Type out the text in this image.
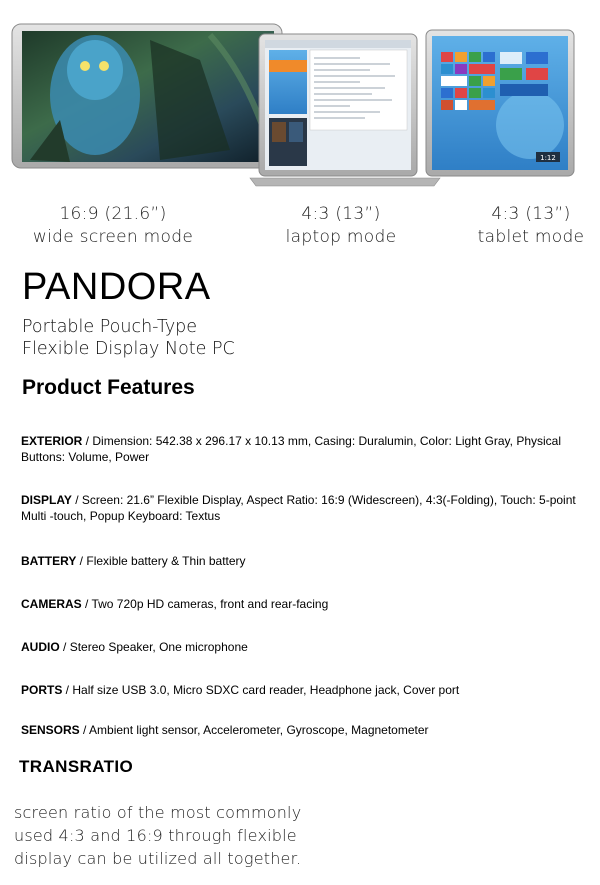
1:12
16:9 (21.6”)
wide screen mode
4:3 (13”)
laptop mode
4:3 (13”)
tablet mode
PANDORA
Portable Pouch-Type
Flexible Display Note PC
Product Features
EXTERIOR / Dimension: 542.38 x 296.17 x 10.13 mm, Casing: Duralumin, Color: Light Gray, Physical Buttons: Volume, Power
DISPLAY / Screen: 21.6” Flexible Display, Aspect Ratio: 16:9 (Widescreen), 4:3(-Folding), Touch: 5-point Multi -touch, Popup Keyboard: Textus
BATTERY / Flexible battery & Thin battery
CAMERAS / Two 720p HD cameras, front and rear-facing
AUDIO / Stereo Speaker, One microphone
PORTS / Half size USB 3.0, Micro SDXC card reader, Headphone jack, Cover port
SENSORS / Ambient light sensor, Accelerometer, Gyroscope, Magnetometer
TRANSRATIO
screen ratio of the most commonly
used 4:3 and 16:9 through flexible
display can be utilized all together.
